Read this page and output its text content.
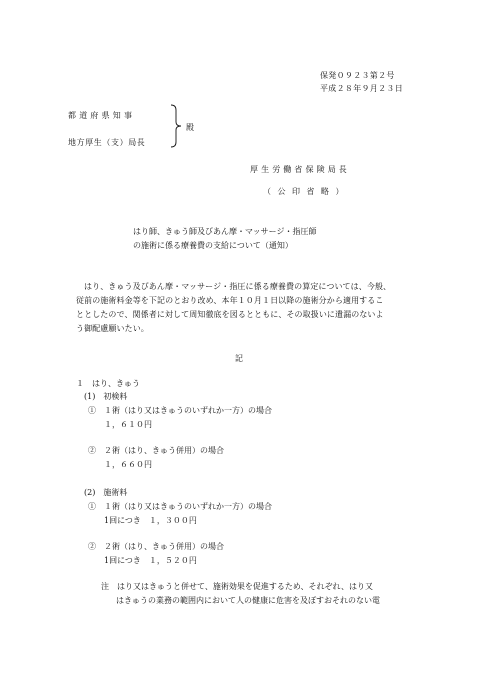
保発０９２３第２号
平成２８年９月２３日
都道府県知事
地方厚生（支）局長
殿
厚生労働省保険局長
（公印省略）
はり師、きゅう師及びあん摩・マッサージ・指圧師
の施術に係る療養費の支給について（通知）
はり、きゅう及びあん摩・マッサージ・指圧に係る療養費の算定については、今般、
従前の施術料金等を下記のとおり改め、本年１０月１日以降の施術分から適用するこ
ととしたので、関係者に対して周知徹底を図るとともに、その取扱いに遺漏のないよ
う御配慮願いたい。
記
１　はり、きゅう
(1)　初検料
①　１術（はり又はきゅうのいずれか一方）の場合
１，６１０円
②　２術（はり、きゅう併用）の場合
１，６６０円
(2)　施術料
①　１術（はり又はきゅうのいずれか一方）の場合
1回につき　１，３００円
②　２術（はり、きゅう併用）の場合
1回につき　１，５２０円
注　はり又はきゅうと併せて、施術効果を促進するため、それぞれ、はり又
はきゅうの業務の範囲内において人の健康に危害を及ぼすおそれのない電
